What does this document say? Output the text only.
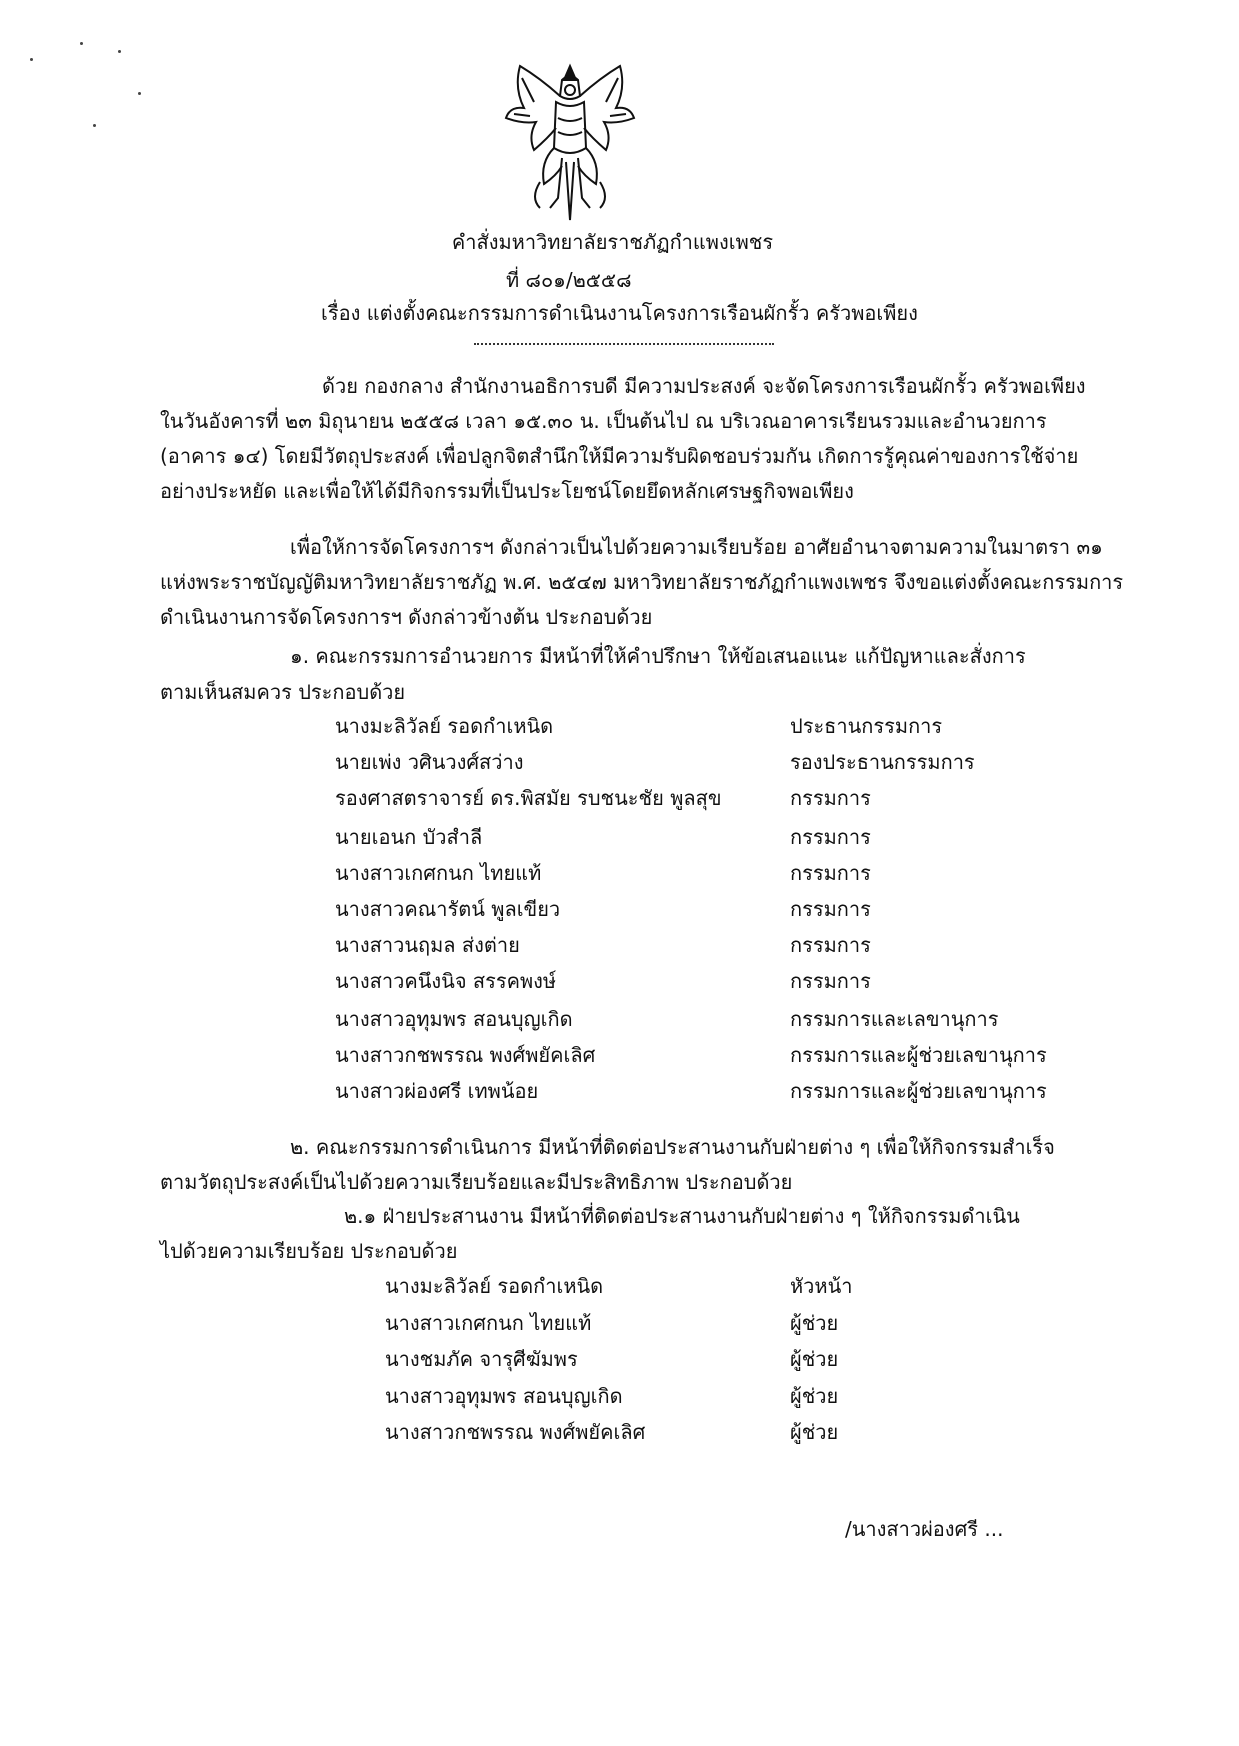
คำสั่งมหาวิทยาลัยราชภัฏกำแพงเพชร
ที่ ๘๐๑/๒๕๕๘
เรื่อง แต่งตั้งคณะกรรมการดำเนินงานโครงการเรือนผักรั้ว ครัวพอเพียง
ด้วย กองกลาง สำนักงานอธิการบดี มีความประสงค์ จะจัดโครงการเรือนผักรั้ว ครัวพอเพียง
ในวันอังคารที่ ๒๓ มิถุนายน ๒๕๕๘ เวลา ๑๕.๓๐ น. เป็นต้นไป ณ บริเวณอาคารเรียนรวมและอำนวยการ
(อาคาร ๑๔) โดยมีวัตถุประสงค์ เพื่อปลูกจิตสำนึกให้มีความรับผิดชอบร่วมกัน เกิดการรู้คุณค่าของการใช้จ่าย
อย่างประหยัด และเพื่อให้ได้มีกิจกรรมที่เป็นประโยชน์โดยยึดหลักเศรษฐกิจพอเพียง
เพื่อให้การจัดโครงการฯ ดังกล่าวเป็นไปด้วยความเรียบร้อย อาศัยอำนาจตามความในมาตรา ๓๑
แห่งพระราชบัญญัติมหาวิทยาลัยราชภัฏ พ.ศ. ๒๕๔๗ มหาวิทยาลัยราชภัฏกำแพงเพชร จึงขอแต่งตั้งคณะกรรมการ
ดำเนินงานการจัดโครงการฯ ดังกล่าวข้างต้น ประกอบด้วย
๑. คณะกรรมการอำนวยการ มีหน้าที่ให้คำปรึกษา ให้ข้อเสนอแนะ แก้ปัญหาและสั่งการ
ตามเห็นสมควร ประกอบด้วย
นางมะลิวัลย์ รอดกำเหนิด	ประธานกรรมการ
นายเพ่ง วศินวงศ์สว่าง	รองประธานกรรมการ
รองศาสตราจารย์ ดร.พิสมัย รบชนะชัย พูลสุข	กรรมการ
นายเอนก บัวสำลี	กรรมการ
นางสาวเกศกนก ไทยแท้	กรรมการ
นางสาวคณารัตน์ พูลเขียว	กรรมการ
นางสาวนฤมล ส่งต่าย	กรรมการ
นางสาวคนึงนิจ สรรคพงษ์	กรรมการ
นางสาวอุทุมพร สอนบุญเกิด	กรรมการและเลขานุการ
นางสาวกชพรรณ พงศ์พยัคเลิศ	กรรมการและผู้ช่วยเลขานุการ
นางสาวผ่องศรี เทพน้อย	กรรมการและผู้ช่วยเลขานุการ
๒. คณะกรรมการดำเนินการ มีหน้าที่ติดต่อประสานงานกับฝ่ายต่าง ๆ เพื่อให้กิจกรรมสำเร็จ
ตามวัตถุประสงค์เป็นไปด้วยความเรียบร้อยและมีประสิทธิภาพ ประกอบด้วย
๒.๑ ฝ่ายประสานงาน มีหน้าที่ติดต่อประสานงานกับฝ่ายต่าง ๆ ให้กิจกรรมดำเนิน
ไปด้วยความเรียบร้อย ประกอบด้วย
นางมะลิวัลย์ รอดกำเหนิด	หัวหน้า
นางสาวเกศกนก ไทยแท้	ผู้ช่วย
นางชมภัค จารุศีฆัมพร	ผู้ช่วย
นางสาวอุทุมพร สอนบุญเกิด	ผู้ช่วย
นางสาวกชพรรณ พงศ์พยัคเลิศ	ผู้ช่วย
/นางสาวผ่องศรี ...
